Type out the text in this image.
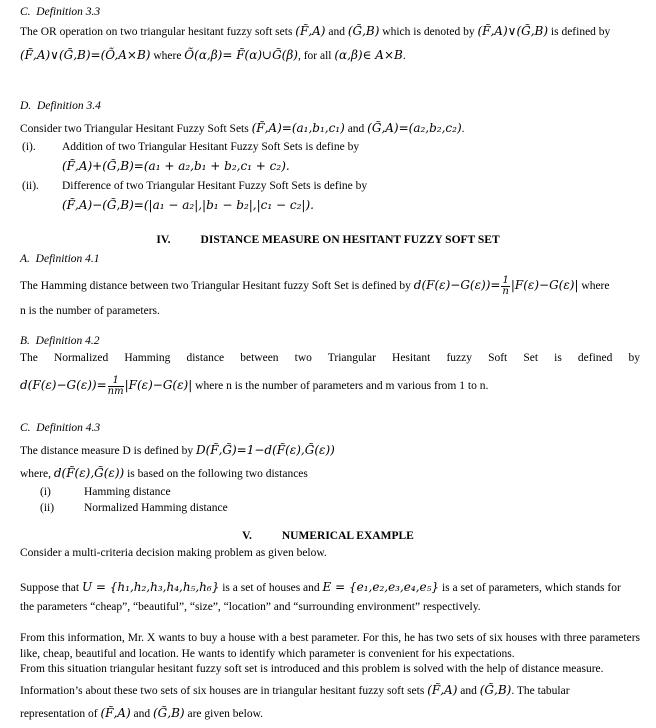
C. Definition 3.3
The OR operation on two triangular hesitant fuzzy soft sets (F̃,A) and (G̃,B) which is denoted by (F̃,A)∨(G̃,B) is defined by
(F̃,A)∨(G̃,B)=(Õ,A×B) where Õ(α,β)= F̃(α)∪G̃(β), for all (α,β)∈ A×B.
D. Definition 3.4
Consider two Triangular Hesitant Fuzzy Soft Sets (F̃,A)=(a₁,b₁,c₁) and (G̃,A)=(a₂,b₂,c₂).
(i). Addition of two Triangular Hesitant Fuzzy Soft Sets is define by
(F̃,A)+(G̃,B)=(a₁ + a₂,b₁ + b₂,c₁ + c₂).
(ii). Difference of two Triangular Hesitant Fuzzy Soft Sets is define by
(F̃,A)−(G̃,B)=(|a₁ − a₂|,|b₁ − b₂|,|c₁ − c₂|).
IV.	DISTANCE MEASURE ON HESITANT FUZZY SOFT SET
A. Definition 4.1
The Hamming distance between two Triangular Hesitant fuzzy Soft Set is defined by $d(F(\varepsilon)-G(\varepsilon))= \frac{1}{n} |F(\varepsilon)-G(\varepsilon)|$ where
n is the number of parameters.
B. Definition 4.2
The Normalized Hamming distance between two Triangular Hesitant fuzzy Soft Set is defined by
$d(F(\varepsilon)-G(\varepsilon))= \frac{1}{nm} |F(\varepsilon)-G(\varepsilon)|$ where n is the number of parameters and m various from 1 to n.
C. Definition 4.3
The distance measure D is defined by D(F̃,G̃)=1−d(F̃(ε),G̃(ε))
where, d(F̃(ε),G̃(ε)) is based on the following two distances
(i)	Hamming distance
(ii)	Normalized Hamming distance
V.	NUMERICAL EXAMPLE
Consider a multi-criteria decision making problem as given below.
Suppose that U = {h₁,h₂,h₃,h₄,h₅,h₆} is a set of houses and E = {e₁,e₂,e₃,e₄,e₅} is a set of parameters, which stands for
the parameters “cheap”, “beautiful”, “size”, “location” and “surrounding environment” respectively.
From this information, Mr. X wants to buy a house with a best parameter. For this, he has two sets of six houses with three parameters like, cheap, beautiful and location. He wants to identify which parameter is convenient for his expectations.
From this situation triangular hesitant fuzzy soft set is introduced and this problem is solved with the help of distance measure.
Information’s about these two sets of six houses are in triangular hesitant fuzzy soft sets (F̃,A) and (G̃,B). The tabular
representation of (F̃,A) and (G̃,B) are given below.
